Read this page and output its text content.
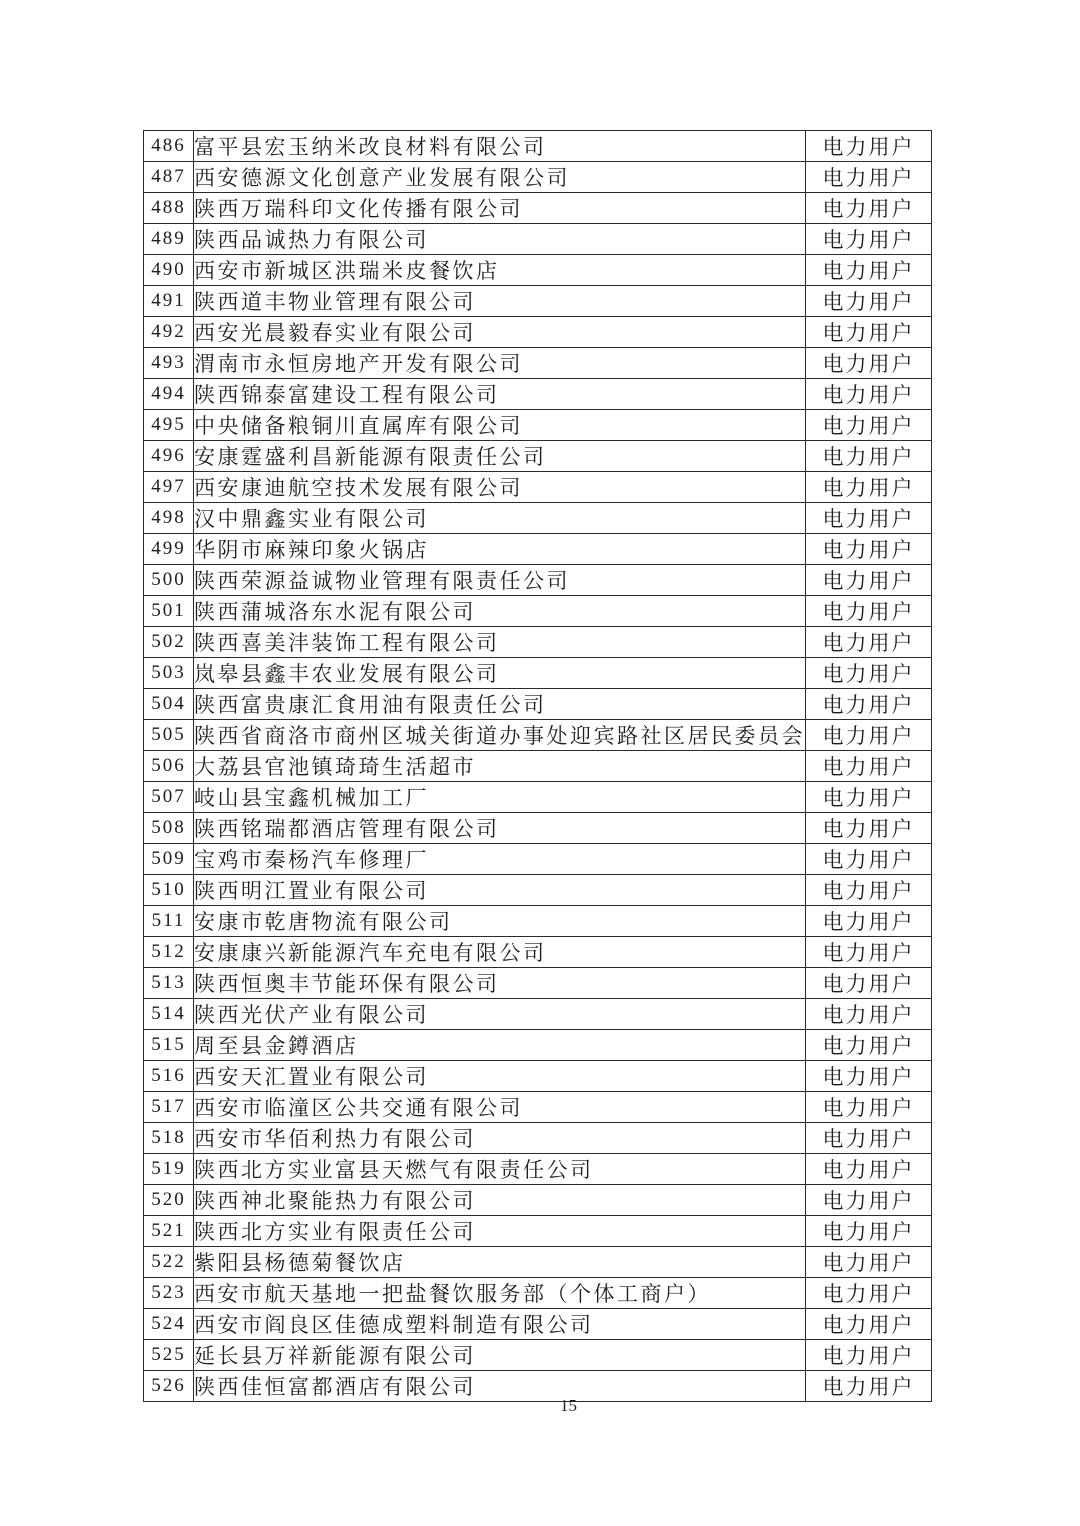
486	富平县宏玉纳米改良材料有限公司	电力用户
487	西安德源文化创意产业发展有限公司	电力用户
488	陕西万瑞科印文化传播有限公司	电力用户
489	陕西品诚热力有限公司	电力用户
490	西安市新城区洪瑞米皮餐饮店	电力用户
491	陕西道丰物业管理有限公司	电力用户
492	西安光晨毅春实业有限公司	电力用户
493	渭南市永恒房地产开发有限公司	电力用户
494	陕西锦泰富建设工程有限公司	电力用户
495	中央储备粮铜川直属库有限公司	电力用户
496	安康霆盛利昌新能源有限责任公司	电力用户
497	西安康迪航空技术发展有限公司	电力用户
498	汉中鼎鑫实业有限公司	电力用户
499	华阴市麻辣印象火锅店	电力用户
500	陕西荣源益诚物业管理有限责任公司	电力用户
501	陕西蒲城洛东水泥有限公司	电力用户
502	陕西喜美沣装饰工程有限公司	电力用户
503	岚皋县鑫丰农业发展有限公司	电力用户
504	陕西富贵康汇食用油有限责任公司	电力用户
505	陕西省商洛市商州区城关街道办事处迎宾路社区居民委员会	电力用户
506	大荔县官池镇琦琦生活超市	电力用户
507	岐山县宝鑫机械加工厂	电力用户
508	陕西铭瑞都酒店管理有限公司	电力用户
509	宝鸡市秦杨汽车修理厂	电力用户
510	陕西明江置业有限公司	电力用户
511	安康市乾唐物流有限公司	电力用户
512	安康康兴新能源汽车充电有限公司	电力用户
513	陕西恒奥丰节能环保有限公司	电力用户
514	陕西光伏产业有限公司	电力用户
515	周至县金鐏酒店	电力用户
516	西安天汇置业有限公司	电力用户
517	西安市临潼区公共交通有限公司	电力用户
518	西安市华佰利热力有限公司	电力用户
519	陕西北方实业富县天燃气有限责任公司	电力用户
520	陕西神北聚能热力有限公司	电力用户
521	陕西北方实业有限责任公司	电力用户
522	紫阳县杨德菊餐饮店	电力用户
523	西安市航天基地一把盐餐饮服务部（个体工商户）	电力用户
524	西安市阎良区佳德成塑料制造有限公司	电力用户
525	延长县万祥新能源有限公司	电力用户
526	陕西佳恒富都酒店有限公司	电力用户
15
